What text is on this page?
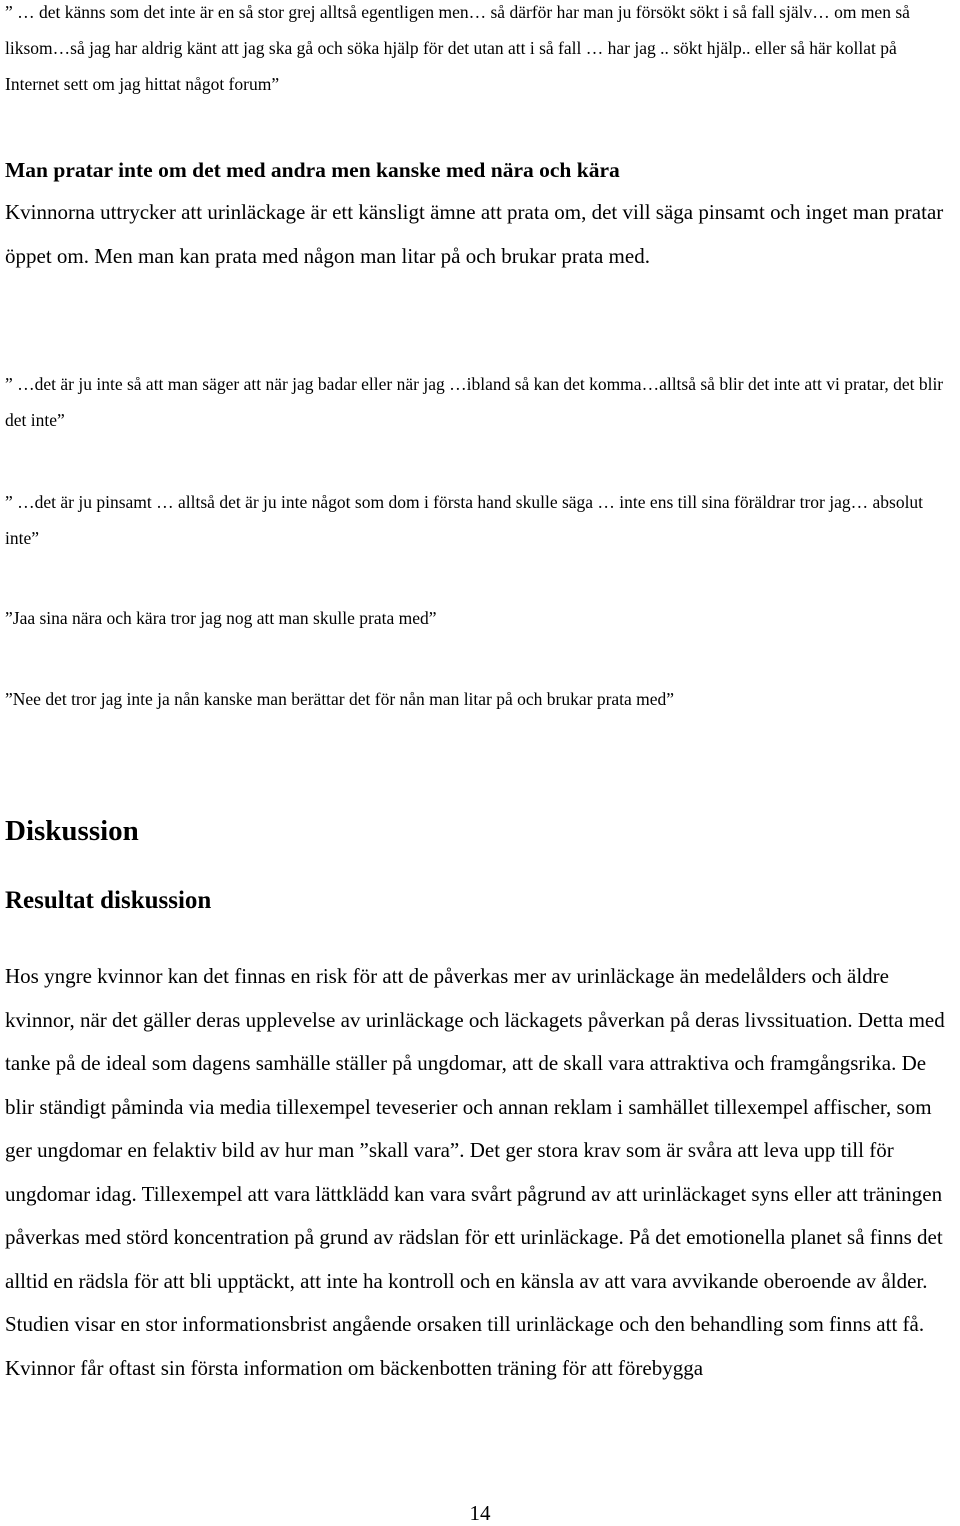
” … det känns som det inte är en så stor grej alltså egentligen men… så därför har man ju försökt sökt i så fall själv… om men så liksom…så jag har aldrig känt att jag ska gå och söka hjälp för det utan att i så fall … har jag .. sökt hjälp.. eller så här kollat på Internet sett om jag hittat något forum”

Man pratar inte om det med andra men kanske med nära och kära

Kvinnorna uttrycker att urinläckage är ett känsligt ämne att prata om, det vill säga pinsamt och inget man pratar öppet om. Men man kan prata med någon man litar på och brukar prata med.

” …det är ju inte så att man säger att när jag badar eller när jag …ibland så kan det komma…alltså så blir det inte att vi pratar, det blir det inte”

” …det är ju pinsamt … alltså det är ju inte något som dom i första hand skulle säga … inte ens till sina föräldrar tror jag… absolut inte”

”Jaa sina nära och kära tror jag nog att man skulle prata med”

”Nee det tror jag inte ja nån kanske man berättar det för nån man litar på och brukar prata med”

Diskussion
Resultat diskussion

Hos yngre kvinnor kan det finnas en risk för att de påverkas mer av urinläckage än medelålders och äldre kvinnor, när det gäller deras upplevelse av urinläckage och läckagets påverkan på deras livssituation. Detta med tanke på de ideal som dagens samhälle ställer på ungdomar, att de skall vara attraktiva och framgångsrika. De blir ständigt påminda via media tillexempel teveserier och annan reklam i samhället tillexempel affischer, som ger ungdomar en felaktiv bild av hur man ”skall vara”. Det ger stora krav som är svåra att leva upp till för ungdomar idag. Tillexempel att vara lättklädd kan vara svårt pågrund av att urinläckaget syns eller att träningen påverkas med störd koncentration på grund av rädslan för ett urinläckage. På det emotionella planet så finns det alltid en rädsla för att bli upptäckt, att inte ha kontroll och en känsla av att vara avvikande oberoende av ålder. Studien visar en stor informationsbrist angående orsaken till urinläckage och den behandling som finns att få. Kvinnor får oftast sin första information om bäckenbotten träning för att förebygga

14
